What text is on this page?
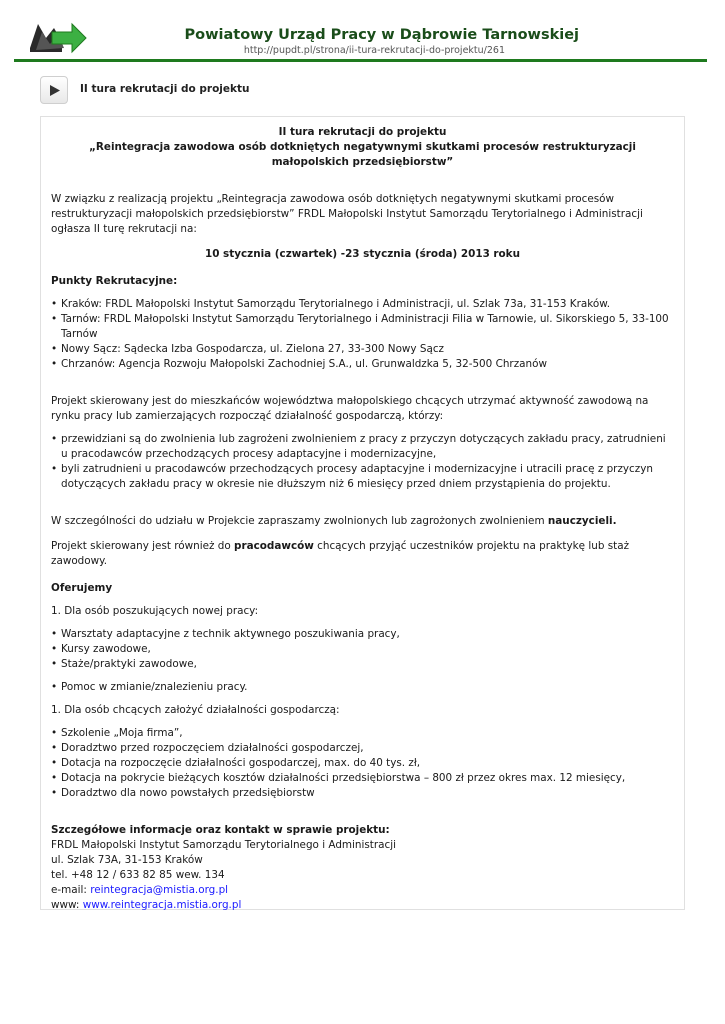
Powiatowy Urząd Pracy w Dąbrowie Tarnowskiej
http://pupdt.pl/strona/ii-tura-rekrutacji-do-projektu/261
II tura rekrutacji do projektu

II tura rekrutacji do projektu

„Reintegracja zawodowa osób dotkniętych negatywnymi skutkami procesów restrukturyzacji małopolskich przedsiębiorstw”

W związku z realizacją projektu „Reintegracja zawodowa osób dotkniętych negatywnymi skutkami procesów restrukturyzacji małopolskich przedsiębiorstw” FRDL Małopolski Instytut Samorządu Terytorialnego i Administracji ogłasza II turę rekrutacji na:

10 stycznia (czwartek) -23 stycznia (środa) 2013 roku

Punkty Rekrutacyjne:

• Kraków: FRDL Małopolski Instytut Samorządu Terytorialnego i Administracji, ul. Szlak 73a, 31-153 Kraków.
• Tarnów: FRDL Małopolski Instytut Samorządu Terytorialnego i Administracji Filia w Tarnowie, ul. Sikorskiego 5, 33-100 Tarnów
• Nowy Sącz: Sądecka Izba Gospodarcza, ul. Zielona 27, 33-300 Nowy Sącz
• Chrzanów: Agencja Rozwoju Małopolski Zachodniej S.A., ul. Grunwaldzka 5, 32-500 Chrzanów

Projekt skierowany jest do mieszkańców województwa małopolskiego chcących utrzymać aktywność zawodową na rynku pracy lub zamierzających rozpocząć działalność gospodarczą, którzy:

• przewidziani są do zwolnienia lub zagrożeni zwolnieniem z pracy z przyczyn dotyczących zakładu pracy, zatrudnieni u pracodawców przechodzących procesy adaptacyjne i modernizacyjne,
• byli zatrudnieni u pracodawców przechodzących procesy adaptacyjne i modernizacyjne i utracili pracę z przyczyn dotyczących zakładu pracy w okresie nie dłuższym niż 6 miesięcy przed dniem przystąpienia do projektu.

W szczególności do udziału w Projekcie zapraszamy zwolnionych lub zagrożonych zwolnieniem nauczycieli.

Projekt skierowany jest również do pracodawców chcących przyjąć uczestników projektu na praktykę lub staż zawodowy.

Oferujemy

1. Dla osób poszukujących nowej pracy:

• Warsztaty adaptacyjne z technik aktywnego poszukiwania pracy,
• Kursy zawodowe,
• Staże/praktyki zawodowe,
• Pomoc w zmianie/znalezieniu pracy.

1. Dla osób chcących założyć działalności gospodarczą:

• Szkolenie „Moja firma”,
• Doradztwo przed rozpoczęciem działalności gospodarczej,
• Dotacja na rozpoczęcie działalności gospodarczej, max. do 40 tys. zł,
• Dotacja na pokrycie bieżących kosztów działalności przedsiębiorstwa – 800 zł przez okres max. 12 miesięcy,
• Doradztwo dla nowo powstałych przedsiębiorstw

Szczegółowe informacje oraz kontakt w sprawie projektu:

FRDL Małopolski Instytut Samorządu Terytorialnego i Administracji

ul. Szlak 73A, 31-153 Kraków

tel. +48 12 / 633 82 85 wew. 134

e-mail: reintegracja@mistia.org.pl

www: www.reintegracja.mistia.org.pl
